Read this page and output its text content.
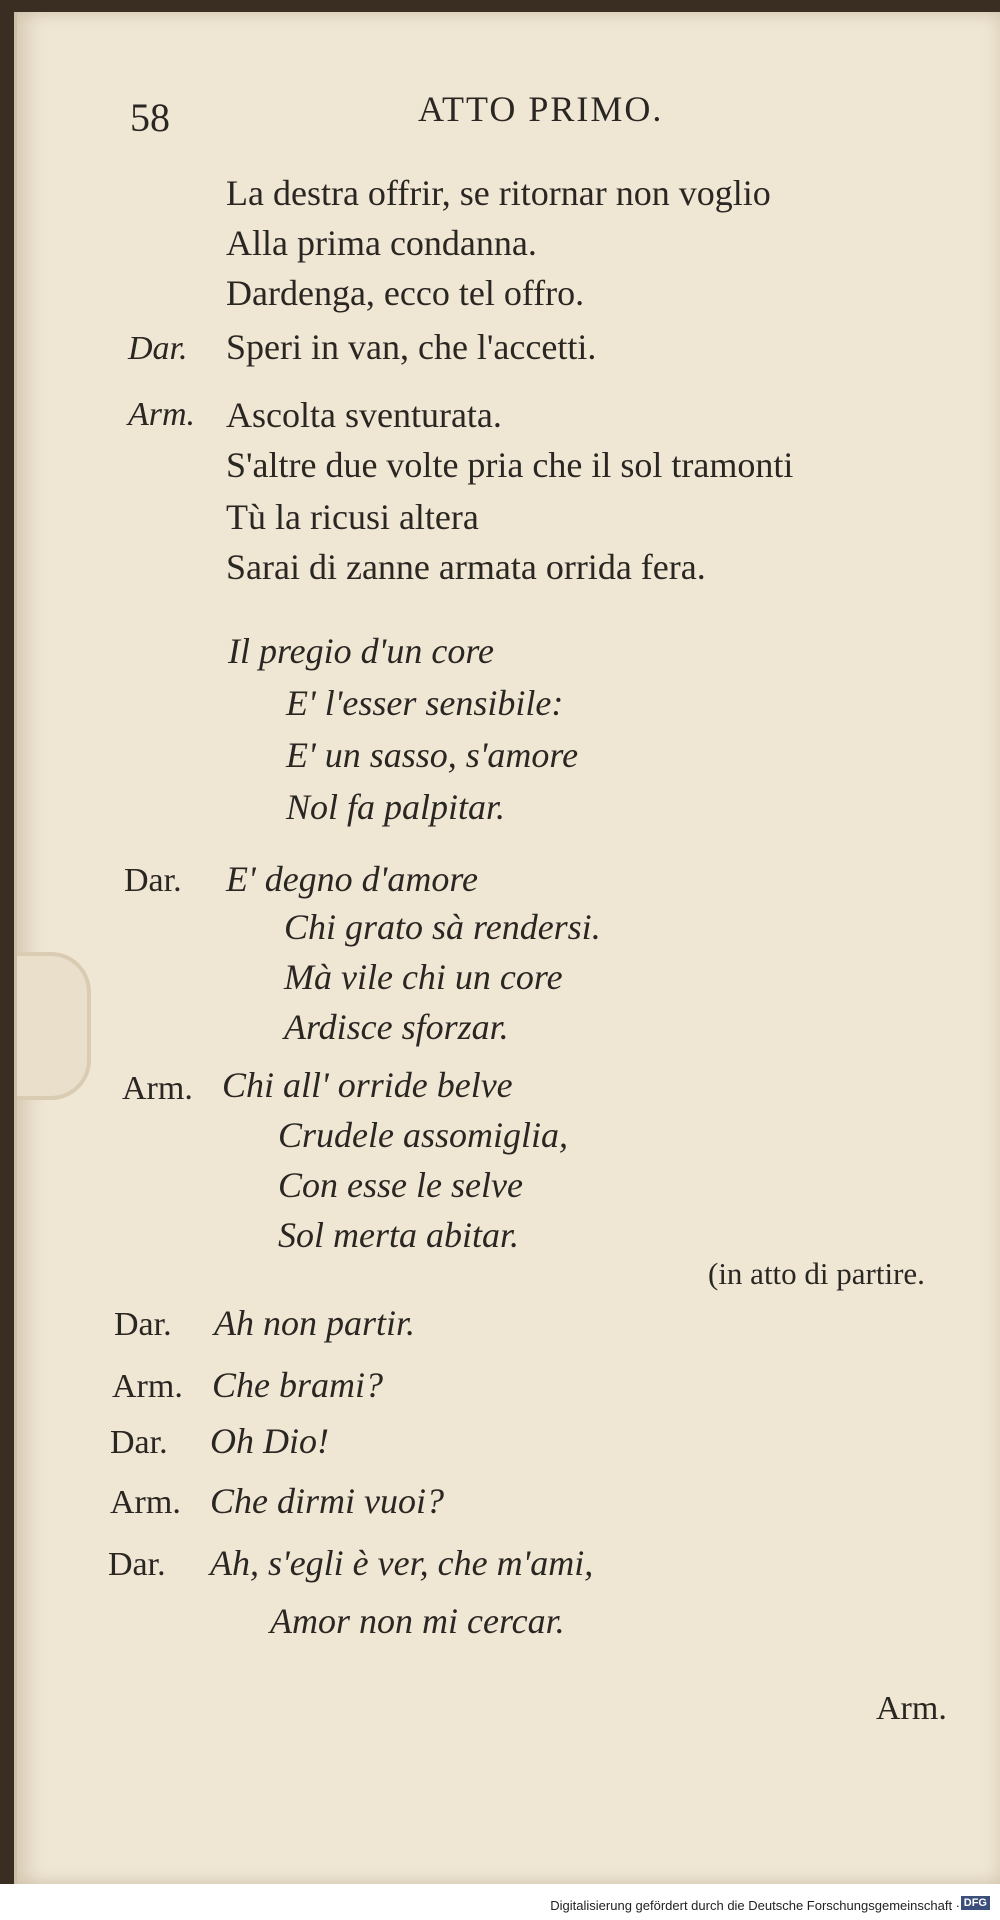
58	ATTO PRIMO.
La destra offrir, se ritornar non voglio
Alla prima condanna.
Dardenga, ecco tel offro.
Dar. Speri in van, che l'accetti.
Arm. Ascolta sventurata.
S'altre due volte pria che il sol tramonti
Tù la ricusi altera
Sarai di zanne armata orrida fera.
Il pregio d'un core
E' l'esser sensibile:
E' un sasso, s'amore
Nol fa palpitar.
Dar. E' degno d'amore
Chi grato sà rendersi.
Mà vile chi un core
Ardisce sforzar.
Arm. Chi all' orride belve
Crudele assomiglia,
Con esse le selve
Sol merta abitar.
(in atto di partire.
Dar. Ah non partir.
Arm. Che brami?
Dar. Oh Dio!
Arm. Che dirmi vuoi?
Dar. Ah, s'egli è ver, che m'ami,
Amor non mi cercar.
Arm.
Digitalisierung gefördert durch die Deutsche Forschungsgemeinschaft · DFG
